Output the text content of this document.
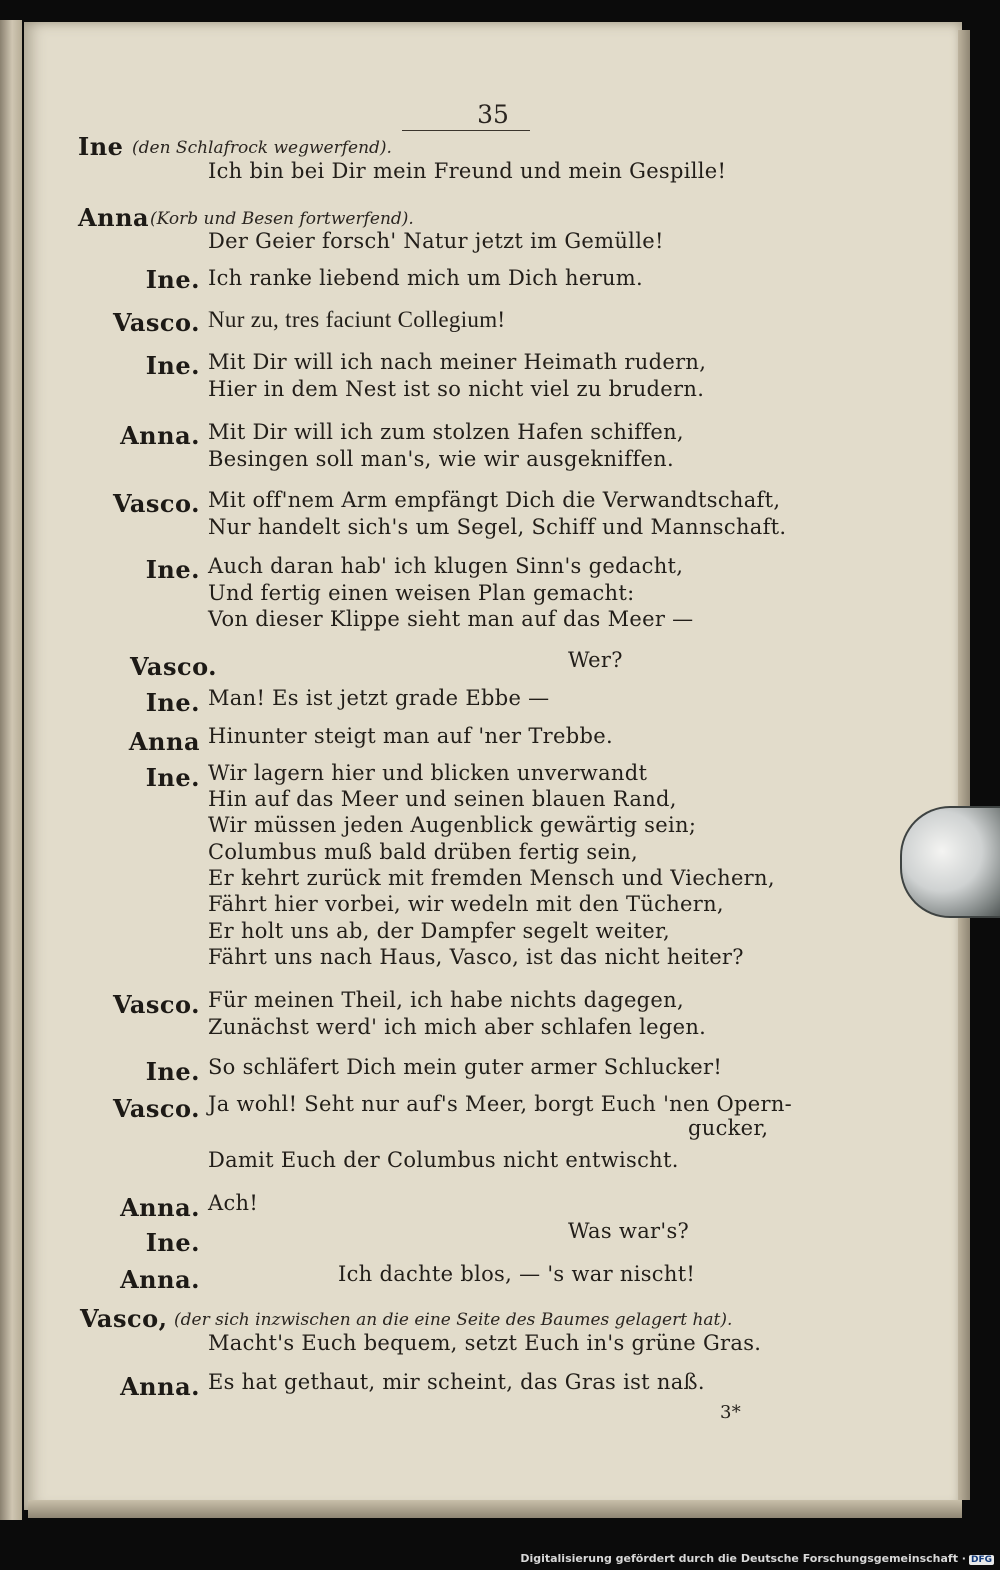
35
Ine (den Schlafrock wegwerfend).
Ich bin bei Dir mein Freund und mein Gespille!
Anna (Korb und Besen fortwerfend).
Der Geier forsch' Natur jetzt im Gemülle!
Ine. Ich ranke liebend mich um Dich herum.
Vasco. Nur zu, tres faciunt Collegium!
Ine. Mit Dir will ich nach meiner Heimath rudern,
Hier in dem Nest ist so nicht viel zu brudern.
Anna. Mit Dir will ich zum stolzen Hafen schiffen,
Besingen soll man's, wie wir ausgekniffen.
Vasco. Mit off'nem Arm empfängt Dich die Verwandtschaft,
Nur handelt sich's um Segel, Schiff und Mannschaft.
Ine. Auch daran hab' ich klugen Sinn's gedacht,
Und fertig einen weisen Plan gemacht:
Von dieser Klippe sieht man auf das Meer —
Vasco.	Wer?
Ine. Man! Es ist jetzt grade Ebbe —
Anna Hinunter steigt man auf 'ner Trebbe.
Ine. Wir lagern hier und blicken unverwandt
Hin auf das Meer und seinen blauen Rand,
Wir müssen jeden Augenblick gewärtig sein;
Columbus muß bald drüben fertig sein,
Er kehrt zurück mit fremden Mensch und Viechern,
Fährt hier vorbei, wir wedeln mit den Tüchern,
Er holt uns ab, der Dampfer segelt weiter,
Fährt uns nach Haus, Vasco, ist das nicht heiter?
Vasco. Für meinen Theil, ich habe nichts dagegen,
Zunächst werd' ich mich aber schlafen legen.
Ine. So schläfert Dich mein guter armer Schlucker!
Vasco. Ja wohl! Seht nur auf's Meer, borgt Euch 'nen Opern-
gucker,
Damit Euch der Columbus nicht entwischt.
Anna. Ach!
Ine.	Was war's?
Anna.	Ich dachte blos, — 's war nischt!
Vasco, (der sich inzwischen an die eine Seite des Baumes gelagert hat).
Macht's Euch bequem, setzt Euch in's grüne Gras.
Anna. Es hat gethaut, mir scheint, das Gras ist naß.
3*
Digitalisierung gefördert durch die Deutsche Forschungsgemeinschaft · DFG
